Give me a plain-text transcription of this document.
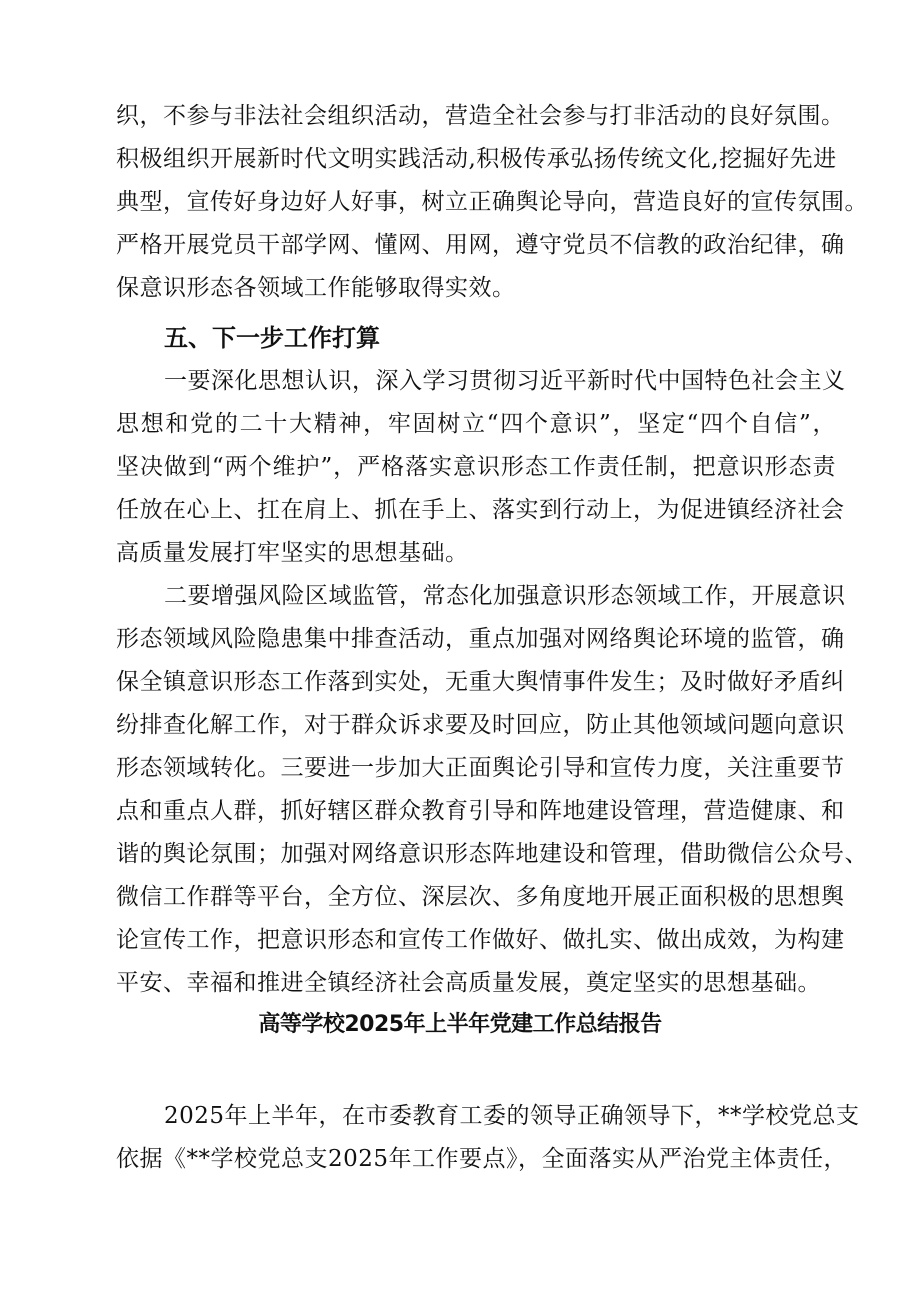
织，不参与非法社会组织活动，营造全社会参与打非活动的良好氛围。
积极组织开展新时代文明实践活动,积极传承弘扬传统文化,挖掘好先进
典型，宣传好身边好人好事，树立正确舆论导向，营造良好的宣传氛围。
严格开展党员干部学网、懂网、用网，遵守党员不信教的政治纪律，确
保意识形态各领域工作能够取得实效。
五、下一步工作打算
一要深化思想认识，深入学习贯彻习近平新时代中国特色社会主义
思想和党的二十大精神，牢固树立“四个意识”，坚定“四个自信”，
坚决做到“两个维护”，严格落实意识形态工作责任制，把意识形态责
任放在心上、扛在肩上、抓在手上、落实到行动上，为促进镇经济社会
高质量发展打牢坚实的思想基础。
二要增强风险区域监管，常态化加强意识形态领域工作，开展意识
形态领域风险隐患集中排查活动，重点加强对网络舆论环境的监管，确
保全镇意识形态工作落到实处，无重大舆情事件发生；及时做好矛盾纠
纷排查化解工作，对于群众诉求要及时回应，防止其他领域问题向意识
形态领域转化。三要进一步加大正面舆论引导和宣传力度，关注重要节
点和重点人群，抓好辖区群众教育引导和阵地建设管理，营造健康、和
谐的舆论氛围；加强对网络意识形态阵地建设和管理，借助微信公众号、
微信工作群等平台，全方位、深层次、多角度地开展正面积极的思想舆
论宣传工作，把意识形态和宣传工作做好、做扎实、做出成效，为构建
平安、幸福和推进全镇经济社会高质量发展，奠定坚实的思想基础。
高等学校2025年上半年党建工作总结报告
2025年上半年，在市委教育工委的领导正确领导下，**学校党总支
依据《**学校党总支2025年工作要点》，全面落实从严治党主体责任，
